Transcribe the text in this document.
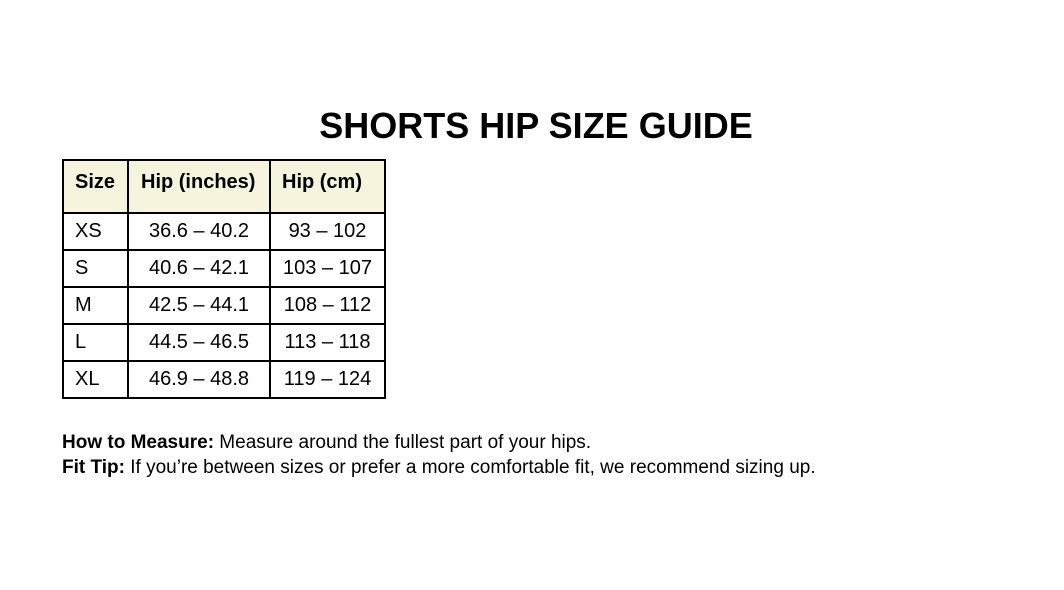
SHORTS HIP SIZE GUIDE
Size	Hip (inches)	Hip (cm)
XS	36.6 – 40.2	93 – 102
S	40.6 – 42.1	103 – 107
M	42.5 – 44.1	108 – 112
L	44.5 – 46.5	113 – 118
XL	46.9 – 48.8	119 – 124

How to Measure: Measure around the fullest part of your hips.

Fit Tip: If you’re between sizes or prefer a more comfortable fit, we recommend sizing up.
